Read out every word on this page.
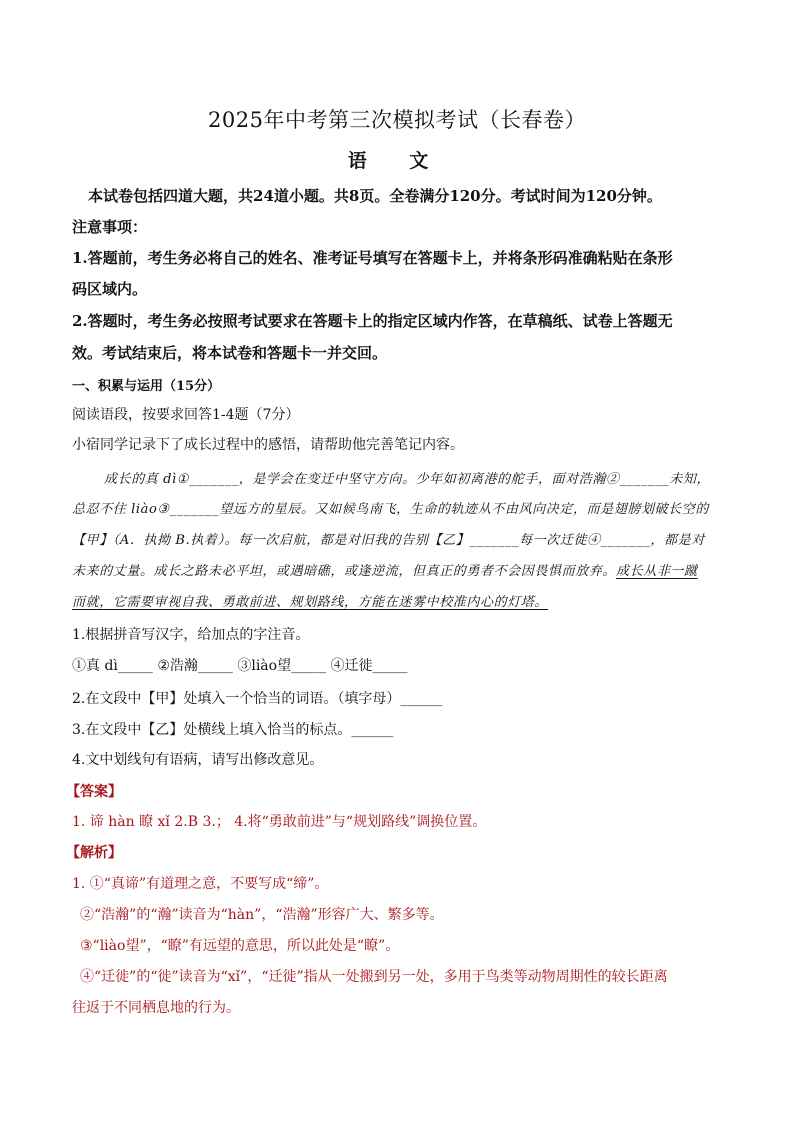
2025年中考第三次模拟考试（长春卷）
语 文
本试卷包括四道大题，共24道小题。共8页。全卷满分120分。考试时间为120分钟。
注意事项：
1.答题前，考生务必将自己的姓名、准考证号填写在答题卡上，并将条形码准确粘贴在条形
码区域内。
2.答题时，考生务必按照考试要求在答题卡上的指定区域内作答，在草稿纸、试卷上答题无
效。考试结束后，将本试卷和答题卡一并交回。
一、积累与运用（15分）
阅读语段，按要求回答1-4题（7分）
小宿同学记录下了成长过程中的感悟，请帮助他完善笔记内容。
成长的真 dì①_______，是学会在变迁中坚守方向。少年如初离港的舵手，面对浩瀚②_______未知，
总忍不住 liào③_______望远方的星辰。又如候鸟南飞，生命的轨迹从不由风向决定，而是翅膀划破长空的
【甲】（A．执拗 B.执着）。每一次启航，都是对旧我的告别【乙】_______每一次迁徙④_______，都是对
未来的丈量。成长之路未必平坦，或遇暗礁，或逢逆流，但真正的勇者不会因畏惧而放弃。成长从非一蹴
而就，它需要审视自我、勇敢前进、规划路线，方能在迷雾中校准内心的灯塔。
1.根据拼音写汉字，给加点的字注音。
①真 dì_____ ②浩瀚_____ ③liào望_____ ④迁徙_____
2.在文段中【甲】处填入一个恰当的词语。（填字母）______
3.在文段中【乙】处横线上填入恰当的标点。______
4.文中划线句有语病，请写出修改意见。
【答案】
1. 谛 hàn 瞭 xǐ 2.B 3.； 4.将“勇敢前进”与“规划路线”调换位置。
【解析】
1. ①“真谛”有道理之意，不要写成“缔”。
②“浩瀚”的“瀚”读音为“hàn”，“浩瀚”形容广大、繁多等。
③“liào望”，“瞭”有远望的意思，所以此处是“瞭”。
④“迁徙”的“徙”读音为“xǐ”，“迁徙”指从一处搬到另一处，多用于鸟类等动物周期性的较长距离
往返于不同栖息地的行为。
